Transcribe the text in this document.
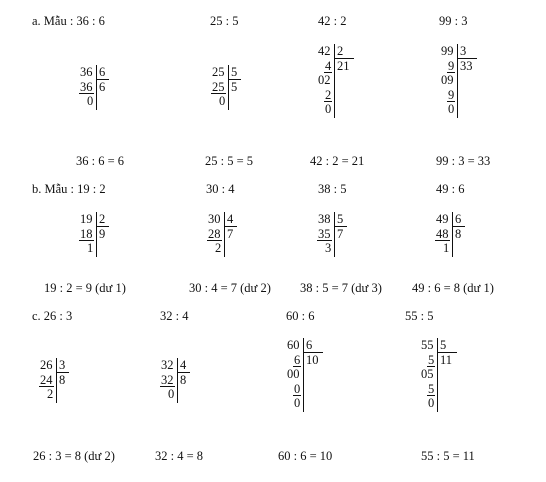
a. Mẫu : 36 : 6	25 : 5	42 : 2	99 : 3
36 6
36
0
6
25 5
25
0
5
42 2
4
02
2
0
21
99 3
9
09
9
0
33
36 : 6 = 6	25 : 5 = 5	42 : 2 = 21	99 : 3 = 33
b. Mẫu : 19 : 2	30 : 4	38 : 5	49 : 6
19 2
18
1
9
30 4
28
2
7
38 5
35
3
7
49 6
48
1
8
19 : 2 = 9 (dư 1)	30 : 4 = 7 (dư 2) 38 : 5 = 7 (dư 3) 49 : 6 = 8 (dư 1)
c. 26 : 3	32 : 4	60 : 6	55 : 5
26 3
24
2
8
32 4
32
0
8
60 6
6
00
0
0
10
55 5
5
05
5
0
11
26 : 3 = 8 (dư 2)	32 : 4 = 8	60 : 6 = 10	55 : 5 = 11
